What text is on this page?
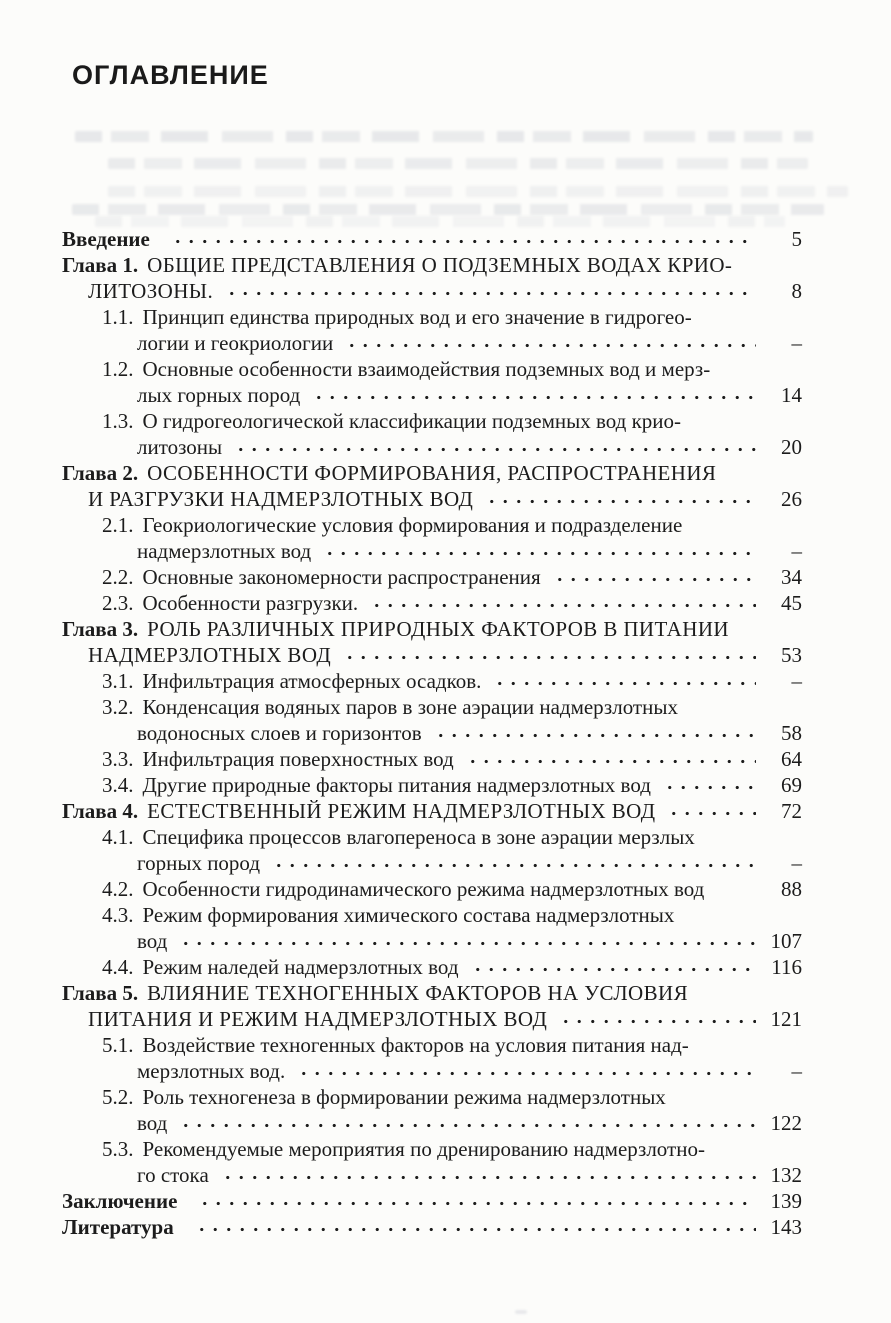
ОГЛАВЛЕНИЕ
Введение	5
Глава 1. ОБЩИЕ ПРЕДСТАВЛЕНИЯ О ПОДЗЕМНЫХ ВОДАХ КРИО-
ЛИТОЗОНЫ.	8
1.1. Принцип единства природных вод и его значение в гидрогео-
логии и геокриологии	–
1.2. Основные особенности взаимодействия подземных вод и мерз-
лых горных пород	14
1.3. О гидрогеологической классификации подземных вод крио-
литозоны	20
Глава 2. ОСОБЕННОСТИ ФОРМИРОВАНИЯ, РАСПРОСТРАНЕНИЯ
И РАЗГРУЗКИ НАДМЕРЗЛОТНЫХ ВОД	26
2.1. Геокриологические условия формирования и подразделение
надмерзлотных вод	–
2.2. Основные закономерности распространения	34
2.3. Особенности разгрузки.	45
Глава 3. РОЛЬ РАЗЛИЧНЫХ ПРИРОДНЫХ ФАКТОРОВ В ПИТАНИИ
НАДМЕРЗЛОТНЫХ ВОД	53
3.1. Инфильтрация атмосферных осадков.	–
3.2. Конденсация водяных паров в зоне аэрации надмерзлотных
водоносных слоев и горизонтов	58
3.3. Инфильтрация поверхностных вод	64
3.4. Другие природные факторы питания надмерзлотных вод	69
Глава 4. ЕСТЕСТВЕННЫЙ РЕЖИМ НАДМЕРЗЛОТНЫХ ВОД	72
4.1. Специфика процессов влагопереноса в зоне аэрации мерзлых
горных пород	–
4.2. Особенности гидродинамического режима надмерзлотных вод	88
4.3. Режим формирования химического состава надмерзлотных
вод	107
4.4. Режим наледей надмерзлотных вод	116
Глава 5. ВЛИЯНИЕ ТЕХНОГЕННЫХ ФАКТОРОВ НА УСЛОВИЯ
ПИТАНИЯ И РЕЖИМ НАДМЕРЗЛОТНЫХ ВОД	121
5.1. Воздействие техногенных факторов на условия питания над-
мерзлотных вод.	–
5.2. Роль техногенеза в формировании режима надмерзлотных
вод	122
5.3. Рекомендуемые мероприятия по дренированию надмерзлотно-
го стока	132
Заключение	139
Литература	143
